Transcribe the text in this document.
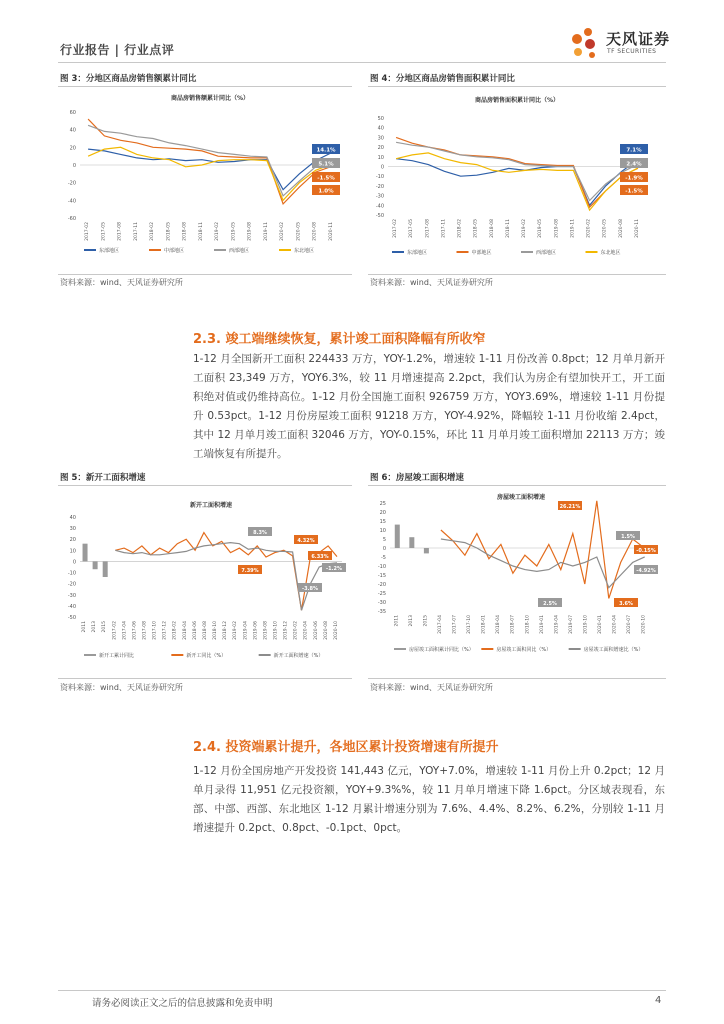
行业报告 | 行业点评
天风证券
TF SECURITIES
图 3：分地区商品房销售额累计同比
商品房销售额累计同比（%）
60
40
20
0
-20
-40
-60
2017-02	2017-05	2017-08	2017-11	2018-02	2018-05	2018-08	2018-11	2019-02	2019-05	2019-08	2019-11	2020-02	2020-05	2020-08	2020-11
东部地区	中部地区	西部地区	东北地区
14.1%
5.1%
-1.5%
1.0%
资料来源：wind、天风证券研究所
图 4：分地区商品房销售面积累计同比
商品房销售面积累计同比（%）
50
40
30
20
10
0
-10
-20
-30
-40
-50
2017-02 2017-05 2017-08 2017-11 2018-02 2018-05 2018-08 2018-11 2019-02 2019-05 2019-08 2019-11 2020-02 2020-05 2020-08 2020-11
东部地区	中部地区	西部地区	东北地区
7.1%
2.4%
-1.9%
-1.5%
资料来源：wind、天风证券研究所
2.3. 竣工端继续恢复，累计竣工面积降幅有所收窄
1-12 月全国新开工面积 224433 万方，YOY-1.2%，增速较 1-11 月份改善 0.8pct；12 月单月新开工面积 23,349 万方，YOY6.3%，较 11 月增速提高 2.2pct，我们认为房企有望加快开工，开工面积绝对值或仍维持高位。1-12 月份全国施工面积 926759 万方，YOY3.69%，增速较 1-11 月份提升 0.53pct。1-12 月份房屋竣工面积 91218 万方，YOY-4.92%，降幅较 1-11 月份收缩 2.4pct，其中 12 月单月竣工面积 32046 万方，YOY-0.15%，环比 11 月单月竣工面积增加 22113 万方；竣工端恢复有所提升。
图 5：新开工面积增速
新开工面积增速
40
30
20
10
0
-10
-20
-30
-40
-50
2011 2013 2015 2017-02 2017-04 2017-06 2017-08 2017-10 2017-12 2018-02 2018-04 2018-06 2018-08 2018-10 2018-12 2019-02 2019-04 2019-06 2019-08 2019-10 2019-12 2020-02 2020-04 2020-06 2020-08 2020-10
新开工累计同比	新开工同比（%）	新开工面积增速（%）
8.3%
4.32%
7.39%
6.33%
-1.2%
-3.8%
资料来源：wind、天风证券研究所
图 6：房屋竣工面积增速
房屋竣工面积增速
25
20
15
10
5
0
-5
-10
-15
-20
-25
-30
-35
2011 2013 2015 2017-04 2017-07 2017-10 2018-01 2018-04 2018-07 2018-10 2019-01 2019-04 2019-07 2019-10 2020-01 2020-04 2020-07 2020-10
房屋竣工面积累计同比（%）	房屋竣工面积同比（%）	房屋竣工面积增速比（%）
26.21%
1.5%
-0.15%
-4.92%
2.5%	3.6%
资料来源：wind、天风证券研究所
2.4. 投资端累计提升，各地区累计投资增速有所提升
1-12 月份全国房地产开发投资 141,443 亿元，YOY+7.0%，增速较 1-11 月份上升 0.2pct；12 月单月录得 11,951 亿元投资额，YOY+9.3%%，较 11 月单月增速下降 1.6pct。分区域表现看，东部、中部、西部、东北地区 1-12 月累计增速分别为 7.6%、4.4%、8.2%、6.2%，分别较 1-11 月增速提升 0.2pct、0.8pct、-0.1pct、0pct。
请务必阅读正文之后的信息披露和免责申明	4
